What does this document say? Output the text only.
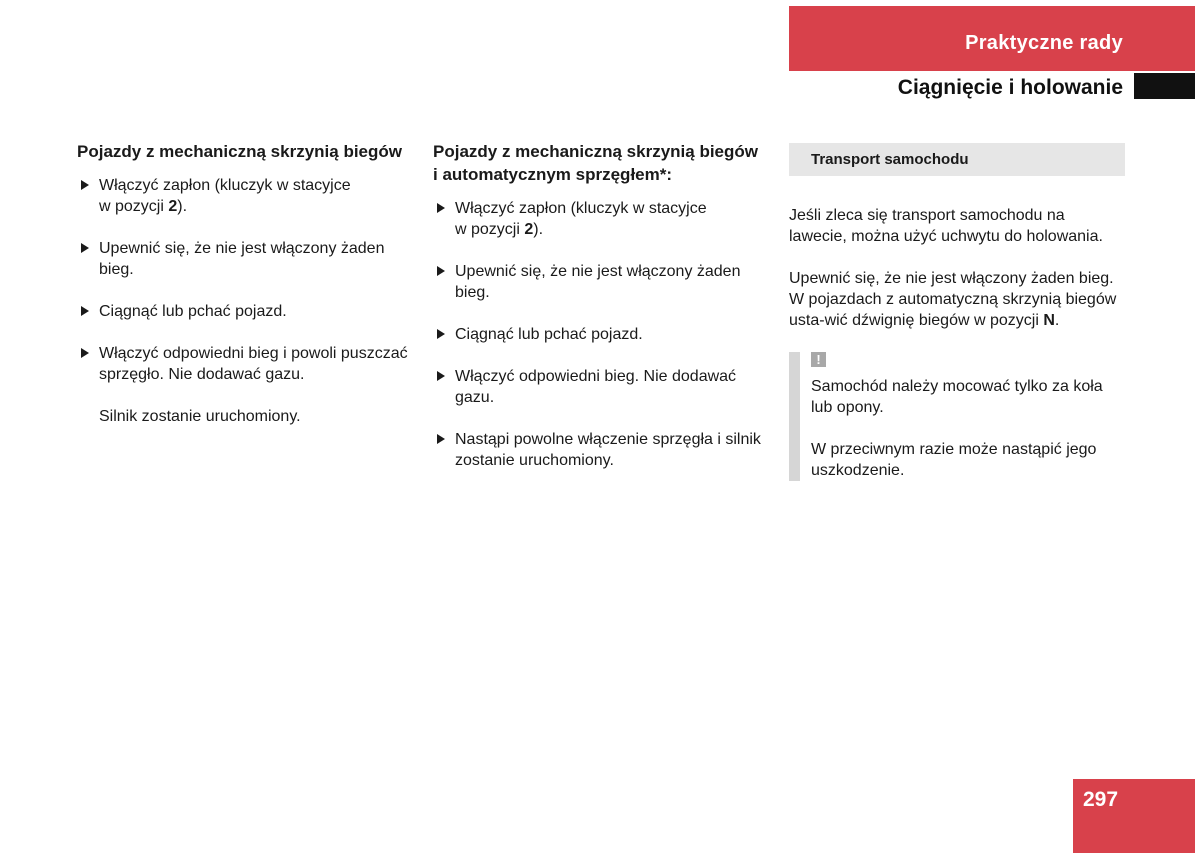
Praktyczne rady
Ciągnięcie i holowanie
Pojazdy z mechaniczną skrzynią biegów
Włączyć zapłon (kluczyk w stacyjce
w pozycji 2).
Upewnić się, że nie jest włączony żaden bieg.
Ciągnąć lub pchać pojazd.
Włączyć odpowiedni bieg i powoli puszczać sprzęgło. Nie dodawać gazu.
Silnik zostanie uruchomiony.
Pojazdy z mechaniczną skrzynią biegów
i automatycznym sprzęgłem*:
Włączyć zapłon (kluczyk w stacyjce
w pozycji 2).
Upewnić się, że nie jest włączony żaden bieg.
Ciągnąć lub pchać pojazd.
Włączyć odpowiedni bieg. Nie dodawać gazu.
Nastąpi powolne włączenie sprzęgła i silnik zostanie uruchomiony.
Transport samochodu
Jeśli zleca się transport samochodu na lawecie, można użyć uchwytu do holowania.
Upewnić się, że nie jest włączony żaden bieg. W pojazdach z automatyczną skrzynią biegów usta-wić dźwignię biegów w pozycji N.
!

Samochód należy mocować tylko za koła lub opony.

W przeciwnym razie może nastąpić jego uszkodzenie.

297
